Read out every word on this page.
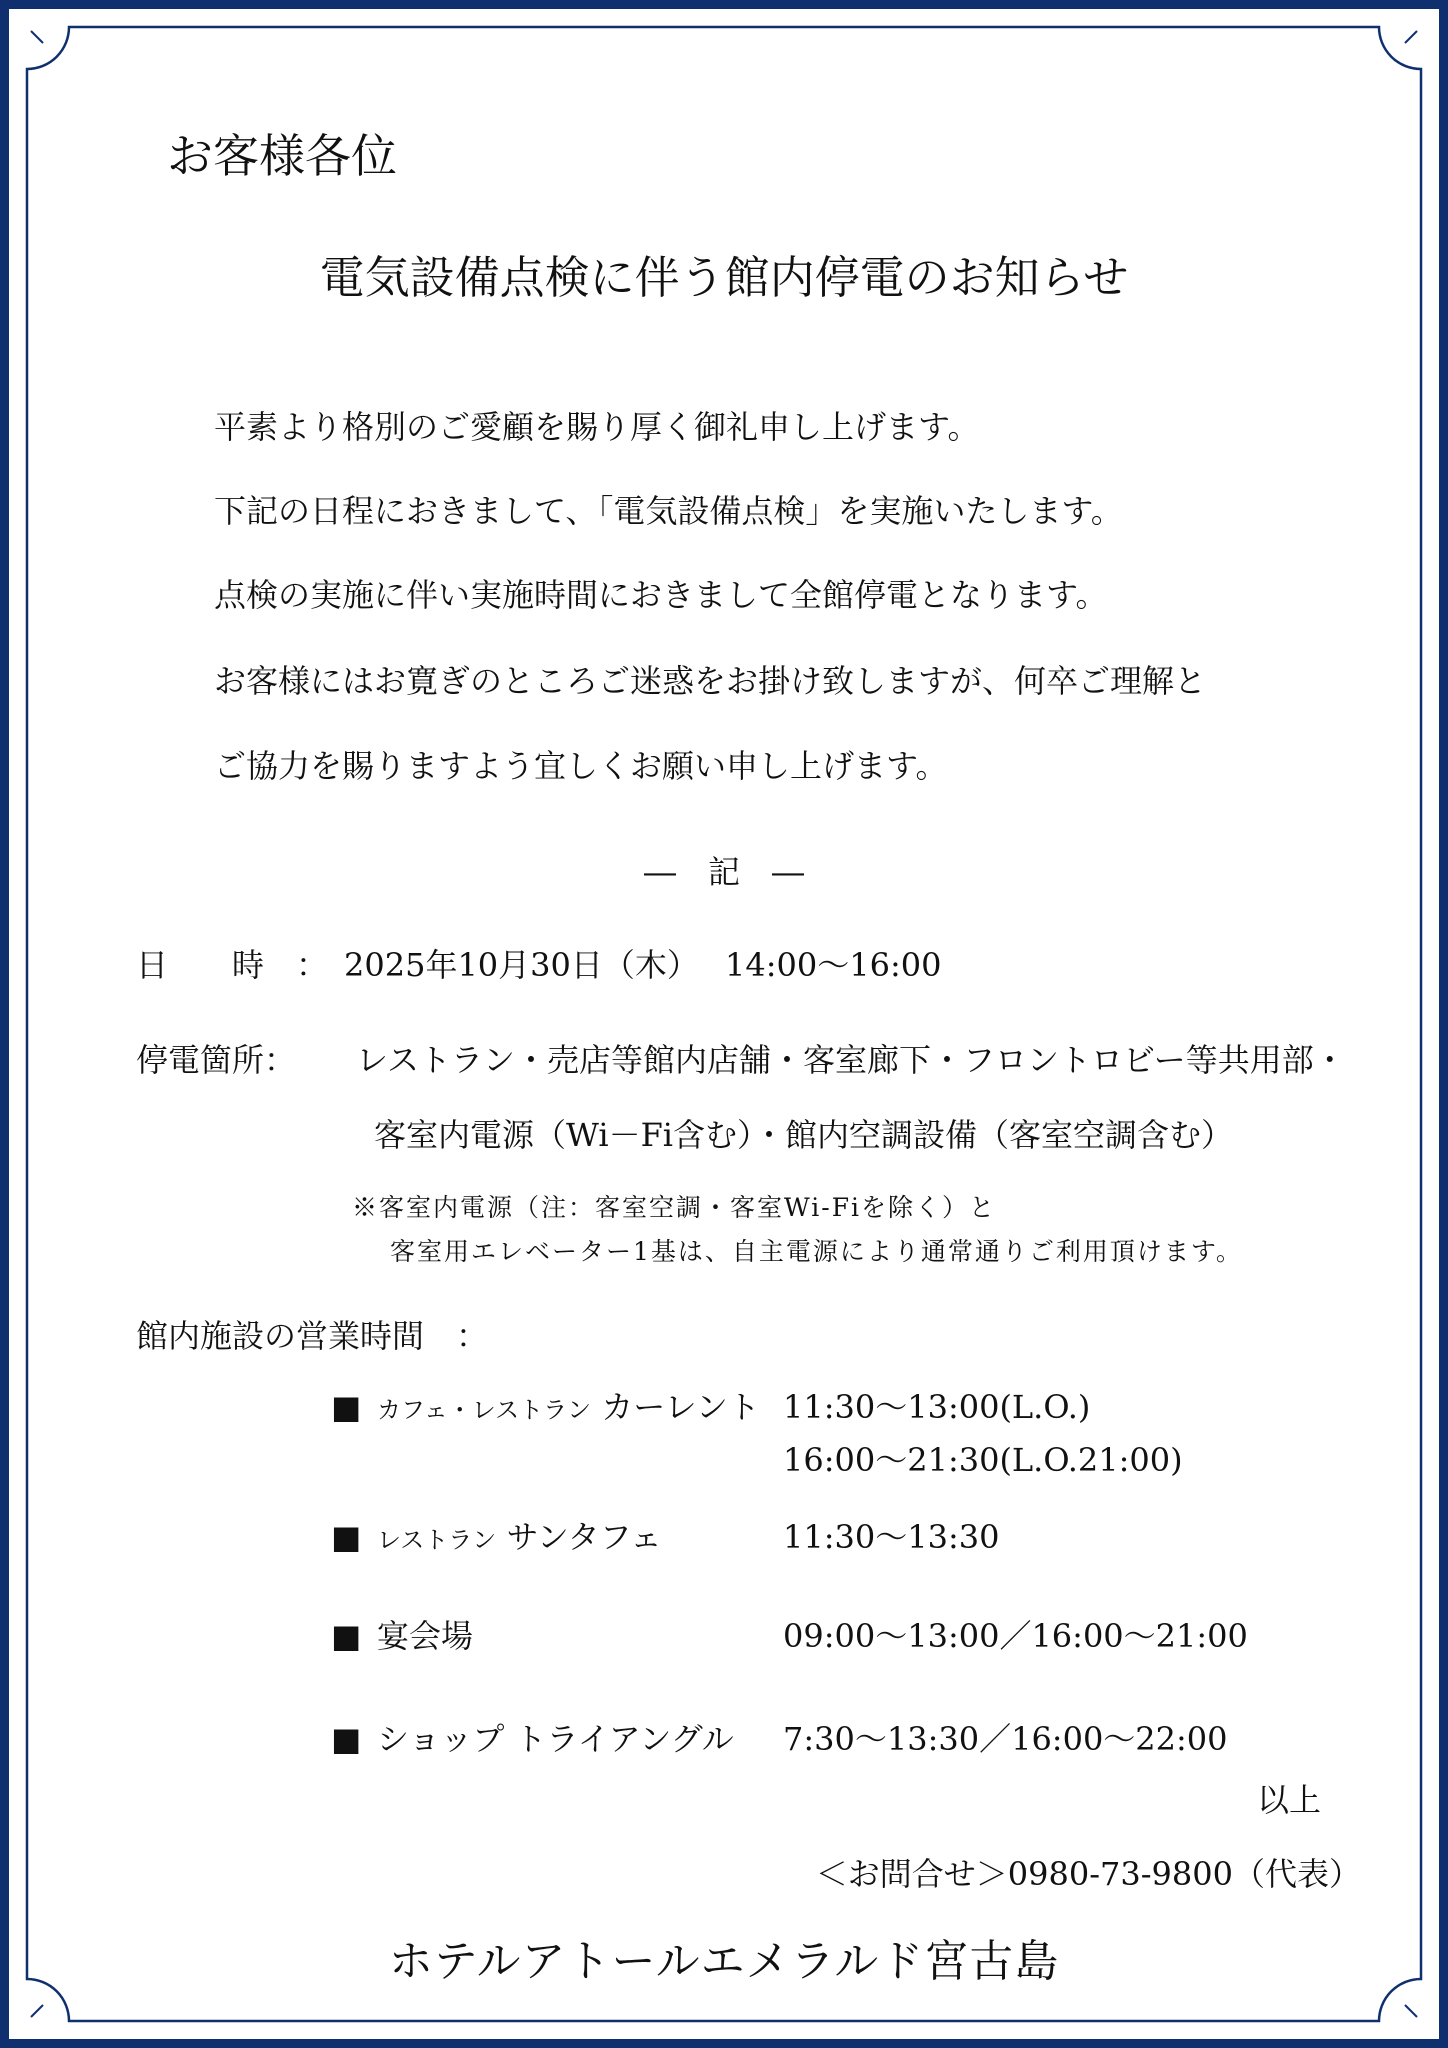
お客様各位
電気設備点検に伴う館内停電のお知らせ
平素より格別のご愛顧を賜り厚く御礼申し上げます。
下記の日程におきまして、「電気設備点検」を実施いたします。
点検の実施に伴い実施時間におきまして全館停電となります。
お客様にはお寛ぎのところご迷惑をお掛け致しますが、何卒ご理解と
ご協力を賜りますよう宜しくお願い申し上げます。
―　記　―
日　　時　： 2025年10月30日（木）　 14:00～16:00
停電箇所： レストラン・売店等館内店舗・客室廊下・フロントロビー等共用部・
客室内電源（Wi－Fi含む）・館内空調設備（客室空調含む）
※客室内電源（注：客室空調・客室Wi-Fiを除く）と
客室用エレベーター1基は、自主電源により通常通りご利用頂けます。
館内施設の営業時間　：
■ カフェ・レストラン カーレント 11:30～13:00(L.O.)
16:00～21:30(L.O.21:00)
■ レストラン サンタフェ	11:30～13:30
■ 宴会場	09:00～13:00／16:00～21:00
■ ショップ トライアングル 7:30～13:30／16:00～22:00
以上
＜お問合せ＞0980-73-9800（代表）
ホテルアトールエメラルド宮古島
